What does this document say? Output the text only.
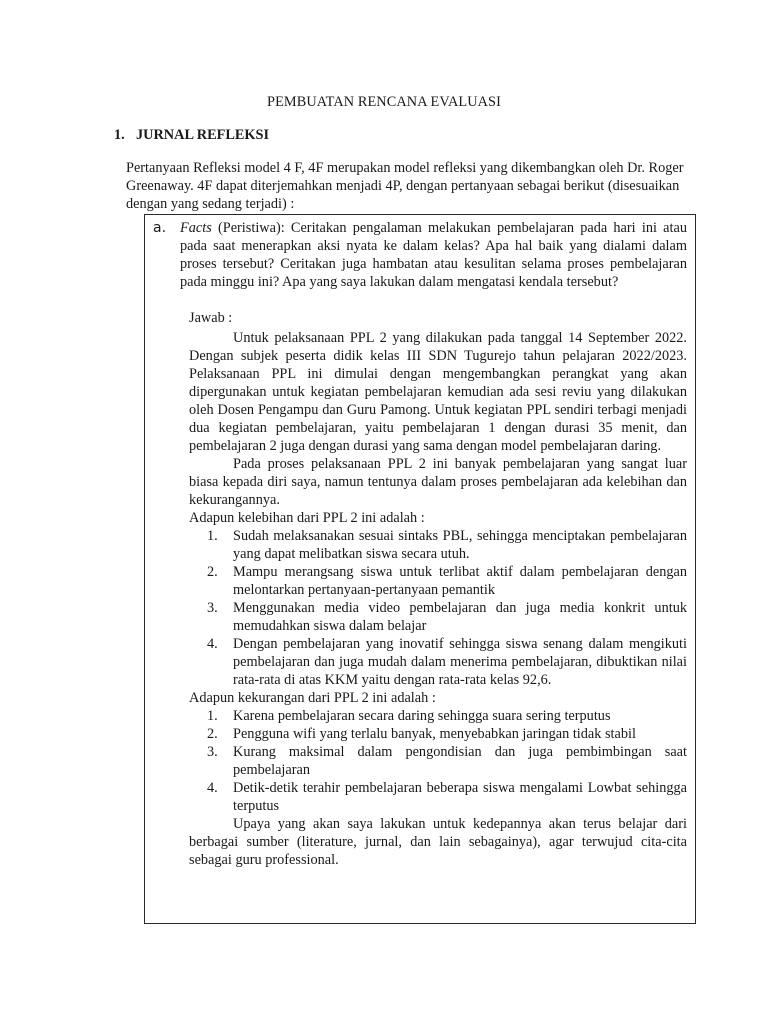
PEMBUATAN RENCANA EVALUASI
1. JURNAL REFLEKSI
Pertanyaan Refleksi model 4 F, 4F merupakan model refleksi yang dikembangkan oleh Dr. Roger Greenaway. 4F dapat diterjemahkan menjadi 4P, dengan pertanyaan sebagai berikut (disesuaikan dengan yang sedang terjadi) :
a. Facts (Peristiwa): Ceritakan pengalaman melakukan pembelajaran pada hari ini atau pada saat menerapkan aksi nyata ke dalam kelas? Apa hal baik yang dialami dalam proses tersebut? Ceritakan juga hambatan atau kesulitan selama proses pembelajaran pada minggu ini? Apa yang saya lakukan dalam mengatasi kendala tersebut?
Jawab :

Untuk pelaksanaan PPL 2 yang dilakukan pada tanggal 14 September 2022. Dengan subjek peserta didik kelas III SDN Tugurejo tahun pelajaran 2022/2023. Pelaksanaan PPL ini dimulai dengan mengembangkan perangkat yang akan dipergunakan untuk kegiatan pembelajaran kemudian ada sesi reviu yang dilakukan oleh Dosen Pengampu dan Guru Pamong. Untuk kegiatan PPL sendiri terbagi menjadi dua kegiatan pembelajaran, yaitu pembelajaran 1 dengan durasi 35 menit, dan pembelajaran 2 juga dengan durasi yang sama dengan model pembelajaran daring.

Pada proses pelaksanaan PPL 2 ini banyak pembelajaran yang sangat luar biasa kepada diri saya, namun tentunya dalam proses pembelajaran ada kelebihan dan kekurangannya.

Adapun kelebihan dari PPL 2 ini adalah :

1. Sudah melaksanakan sesuai sintaks PBL, sehingga menciptakan pembelajaran yang dapat melibatkan siswa secara utuh.
2. Mampu merangsang siswa untuk terlibat aktif dalam pembelajaran dengan melontarkan pertanyaan-pertanyaan pemantik
3. Menggunakan media video pembelajaran dan juga media konkrit untuk memudahkan siswa dalam belajar
4. Dengan pembelajaran yang inovatif sehingga siswa senang dalam mengikuti pembelajaran dan juga mudah dalam menerima pembelajaran, dibuktikan nilai rata-rata di atas KKM yaitu dengan rata-rata kelas 92,6.

Adapun kekurangan dari PPL 2 ini adalah :

1. Karena pembelajaran secara daring sehingga suara sering terputus
2. Pengguna wifi yang terlalu banyak, menyebabkan jaringan tidak stabil
3. Kurang maksimal dalam pengondisian dan juga pembimbingan saat pembelajaran
4. Detik-detik terahir pembelajaran beberapa siswa mengalami Lowbat sehingga terputus

Upaya yang akan saya lakukan untuk kedepannya akan terus belajar dari berbagai sumber (literature, jurnal, dan lain sebagainya), agar terwujud cita-cita sebagai guru professional.
